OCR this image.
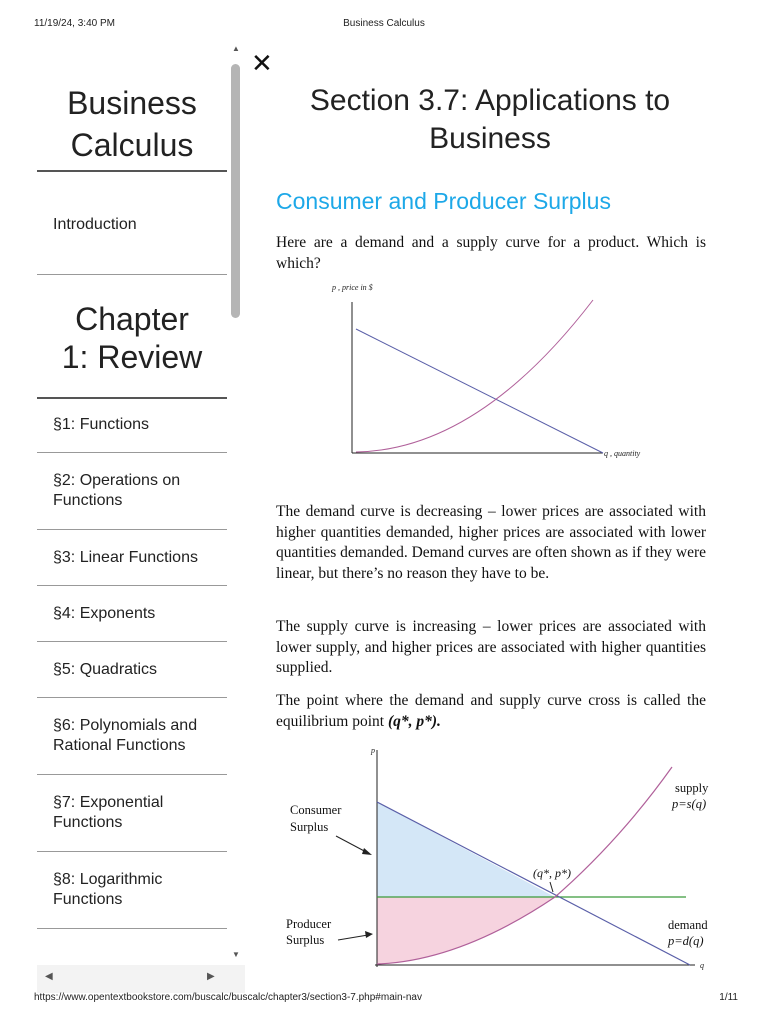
11/19/24, 3:40 PM	Business Calculus
Business
Calculus
Introduction
Chapter
1: Review
§1: Functions
§2: Operations on
Functions
§3: Linear Functions
§4: Exponents
§5: Quadratics
§6: Polynomials and
Rational Functions
§7: Exponential
Functions
§8: Logarithmic
Functions
▲
▼
◀	▶
✕
Section 3.7: Applications to
Business
Consumer and Producer Surplus
Here are a demand and a supply curve for a product. Which is which?
p , price in $
q , quantity
The demand curve is decreasing – lower prices are associated with higher quantities demanded, higher prices are associated with lower quantities demanded. Demand curves are often shown as if they were linear, but there’s no reason they have to be.
The supply curve is increasing – lower prices are associated with lower supply, and higher prices are associated with higher quantities supplied.
The point where the demand and supply curve cross is called the equilibrium point (q*, p*).
p
q
Consumer
Surplus
Producer
Surplus
(q*, p*)
supply
p=s(q)
demand
p=d(q)
https://www.opentextbookstore.com/buscalc/buscalc/chapter3/section3-7.php#main-nav	1/11
